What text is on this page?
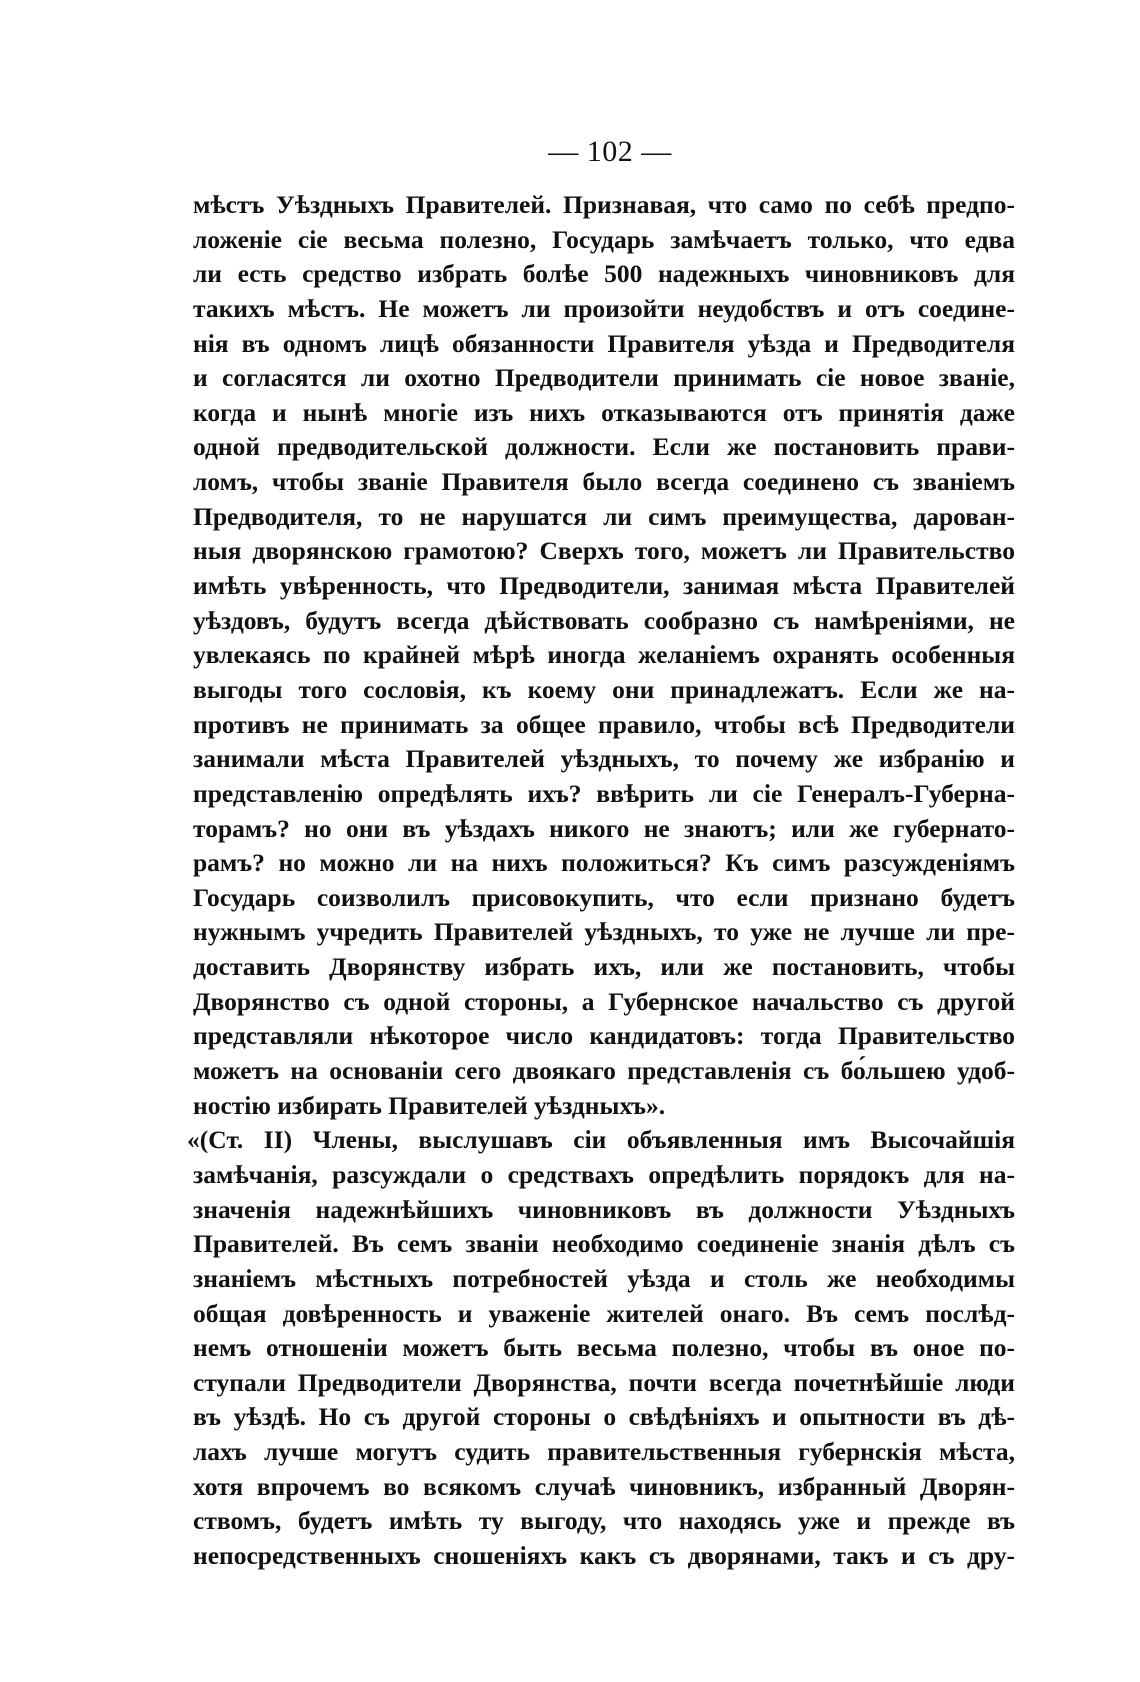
— 102 —
мѣстъ Уѣздныхъ Правителей. Признавая, что само по себѣ предпо-
ложеніе сіе весьма полезно, Государь замѣчаетъ только, что едва
ли есть средство избрать болѣе 500 надежныхъ чиновниковъ для
такихъ мѣстъ. Не можетъ ли произойти неудобствъ и отъ соедине-
нія въ одномъ лицѣ обязанности Правителя уѣзда и Предводителя
и согласятся ли охотно Предводители принимать сіе новое званіе,
когда и нынѣ многіе изъ нихъ отказываются отъ принятія даже
одной предводительской должности. Если же постановить прави-
ломъ, чтобы званіе Правителя было всегда соединено съ званіемъ
Предводителя, то не нарушатся ли симъ преимущества, дарован-
ныя дворянскою грамотою? Сверхъ того, можетъ ли Правительство
имѣть увѣренность, что Предводители, занимая мѣста Правителей
уѣздовъ, будутъ всегда дѣйствовать сообразно съ намѣреніями, не
увлекаясь по крайней мѣрѣ иногда желаніемъ охранять особенныя
выгоды того сословія, къ коему они принадлежатъ. Если же на-
противъ не принимать за общее правило, чтобы всѣ Предводители
занимали мѣста Правителей уѣздныхъ, то почему же избранію и
представленію опредѣлять ихъ? ввѣрить ли сіе Генералъ-Губерна-
торамъ? но они въ уѣздахъ никого не знаютъ; или же губернато-
рамъ? но можно ли на нихъ положиться? Къ симъ разсужденіямъ
Государь соизволилъ присовокупить, что если признано будетъ
нужнымъ учредить Правителей уѣздныхъ, то уже не лучше ли пре-
доставить Дворянству избрать ихъ, или же постановить, чтобы
Дворянство съ одной стороны, а Губернское начальство съ другой
представляли нѣкоторое число кандидатовъ: тогда Правительство
можетъ на основаніи сего двоякаго представленія съ бо́льшею удоб-
ностію избирать Правителей уѣздныхъ».
«(Ст. II) Члены, выслушавъ сіи объявленныя имъ Высочайшія
замѣчанія, разсуждали о средствахъ опредѣлить порядокъ для на-
значенія надежнѣйшихъ чиновниковъ въ должности Уѣздныхъ
Правителей. Въ семъ званіи необходимо соединеніе знанія дѣлъ съ
знаніемъ мѣстныхъ потребностей уѣзда и столь же необходимы
общая довѣренность и уваженіе жителей онаго. Въ семъ послѣд-
немъ отношеніи можетъ быть весьма полезно, чтобы въ оное по-
ступали Предводители Дворянства, почти всегда почетнѣйшіе люди
въ уѣздѣ. Но съ другой стороны о свѣдѣніяхъ и опытности въ дѣ-
лахъ лучше могутъ судить правительственныя губернскія мѣста,
хотя впрочемъ во всякомъ случаѣ чиновникъ, избранный Дворян-
ствомъ, будетъ имѣть ту выгоду, что находясь уже и прежде въ
непосредственныхъ сношеніяхъ какъ съ дворянами, такъ и съ дру-
